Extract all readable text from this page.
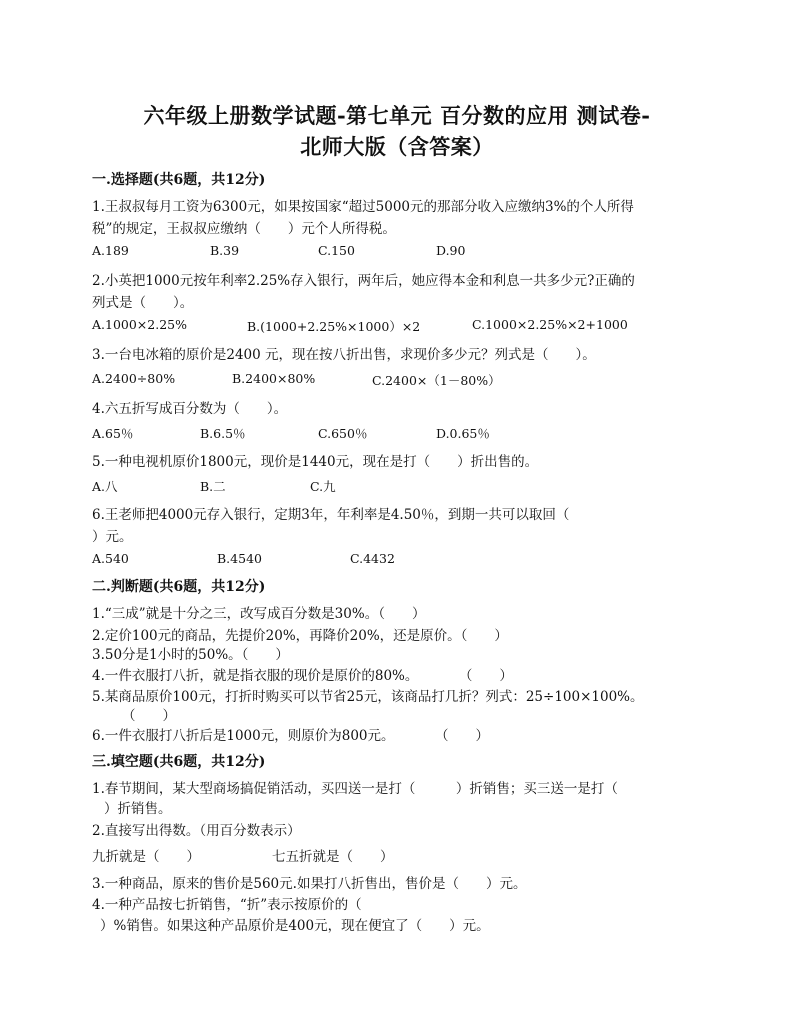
六年级上册数学试题-第七单元 百分数的应用 测试卷-
北师大版（含答案）
一.选择题(共6题，共12分)
1.王叔叔每月工资为6300元，如果按国家“超过5000元的那部分收入应缴纳3%的个人所得
税”的规定，王叔叔应缴纳（　　）元个人所得税。
A.189	B.39	C.150	D.90
2.小英把1000元按年利率2.25%存入银行，两年后，她应得本金和利息一共多少元?正确的
列式是（　　）。
A.1000×2.25%	B.(1000+2.25%×1000）×2	C.1000×2.25%×2+1000
3.一台电冰箱的原价是2400 元，现在按八折出售，求现价多少元？列式是（　　）。
A.2400÷80%	B.2400×80%	C.2400×（1－80%）
4.六五折写成百分数为（　　）。
A.65％	B.6.5％	C.650％	D.0.65％
5.一种电视机原价1800元，现价是1440元，现在是打（　　）折出售的。
A.八	B.二	C.九
6.王老师把4000元存入银行，定期3年，年利率是4.50％，到期一共可以取回（
）元。
A.540	B.4540	C.4432
二.判断题(共6题，共12分)
1.“三成”就是十分之三，改写成百分数是30%。（　　）
2.定价100元的商品，先提价20%，再降价20%，还是原价。（　　）
3.50分是1小时的50%。（　　）
4.一件衣服打八折，就是指衣服的现价是原价的80%。　　　　（　　）
5.某商品原价100元，打折时购买可以节省25元，该商品打几折？列式：25÷100×100%。
（　　）
6.一件衣服打八折后是1000元，则原价为800元。　　　　（　　）
三.填空题(共6题，共12分)
1.春节期间，某大型商场搞促销活动，买四送一是打（　　　）折销售；买三送一是打（
）折销售。
2.直接写出得数。（用百分数表示）
九折就是（　　）	七五折就是（　　）
3.一种商品，原来的售价是560元.如果打八折售出，售价是（　　）元。
4.一种产品按七折销售，“折”表示按原价的（
）%销售。如果这种产品原价是400元，现在便宜了（　　）元。
